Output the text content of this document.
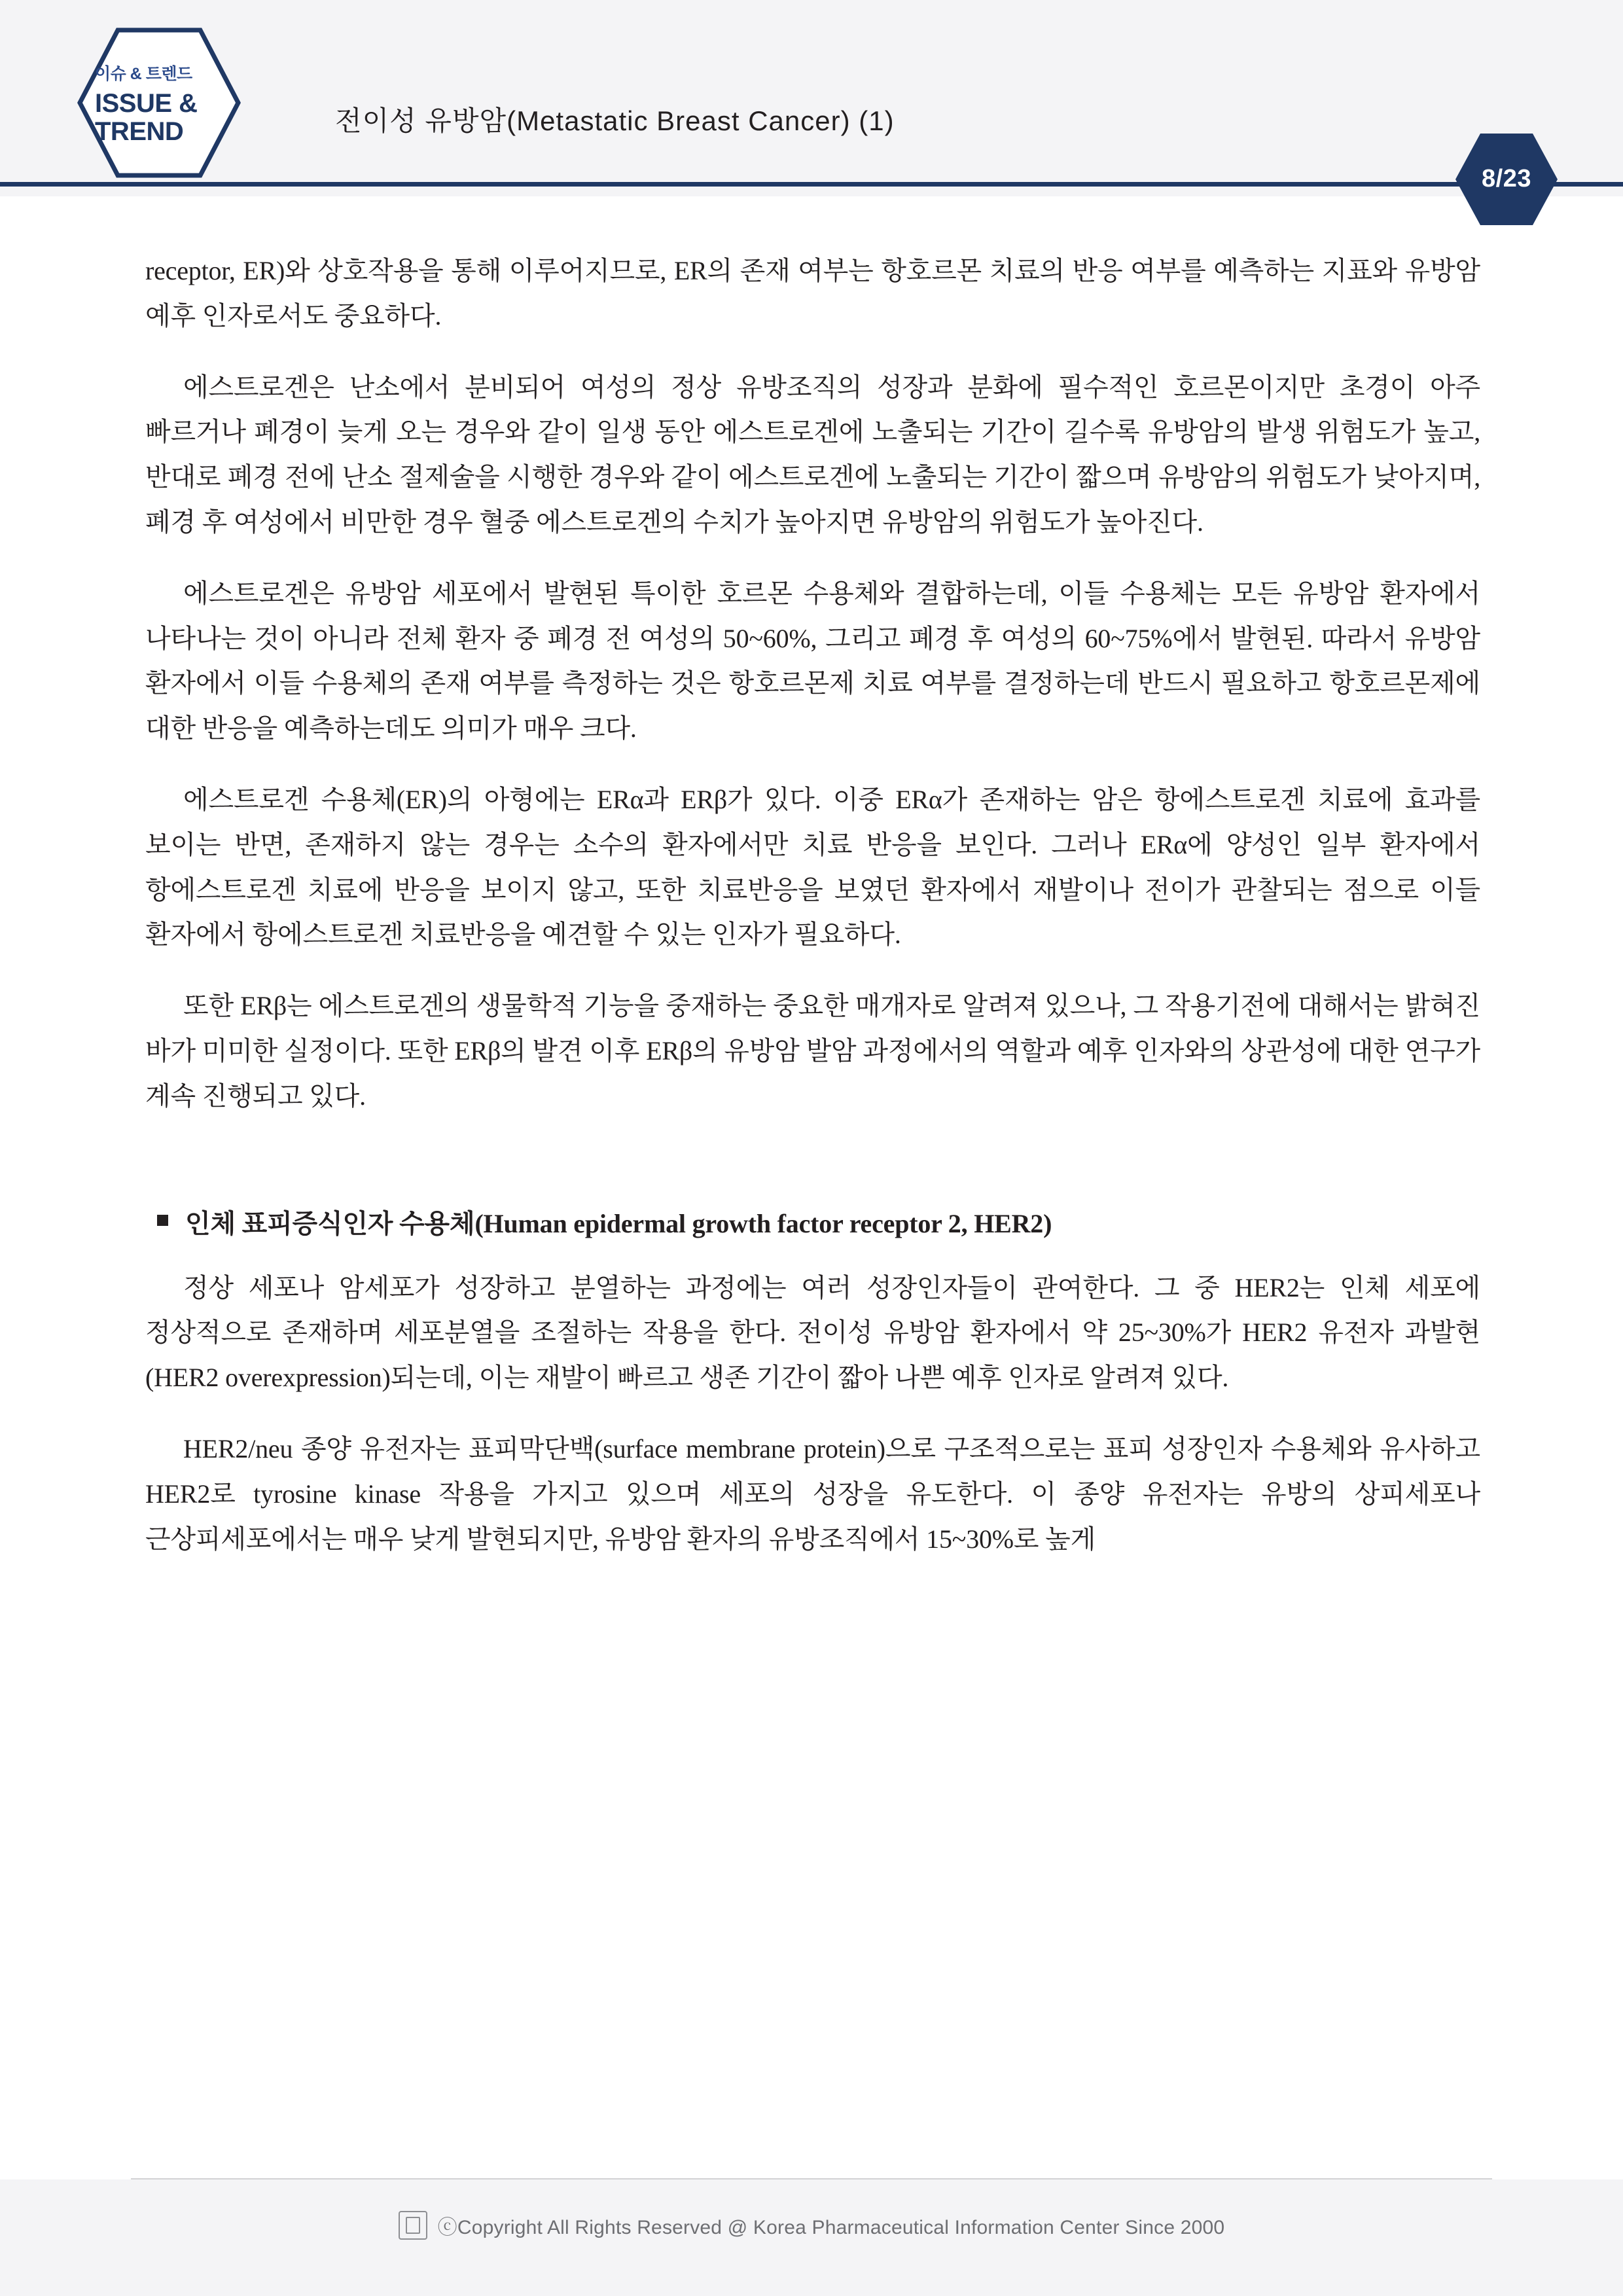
이슈 & 트렌드
ISSUE & TREND	전이성 유방암(Metastatic Breast Cancer) (1)
8/23

receptor, ER)와 상호작용을 통해 이루어지므로, ER의 존재 여부는 항호르몬 치료의 반응 여부를 예측하는 지표와 유방암 예후 인자로서도 중요하다.

에스트로겐은 난소에서 분비되어 여성의 정상 유방조직의 성장과 분화에 필수적인 호르몬이지만 초경이 아주 빠르거나 폐경이 늦게 오는 경우와 같이 일생 동안 에스트로겐에 노출되는 기간이 길수록 유방암의 발생 위험도가 높고, 반대로 폐경 전에 난소 절제술을 시행한 경우와 같이 에스트로겐에 노출되는 기간이 짧으며 유방암의 위험도가 낮아지며, 폐경 후 여성에서 비만한 경우 혈중 에스트로겐의 수치가 높아지면 유방암의 위험도가 높아진다.

에스트로겐은 유방암 세포에서 발현된 특이한 호르몬 수용체와 결합하는데, 이들 수용체는 모든 유방암 환자에서 나타나는 것이 아니라 전체 환자 중 폐경 전 여성의 50~60%, 그리고 폐경 후 여성의 60~75%에서 발현된. 따라서 유방암 환자에서 이들 수용체의 존재 여부를 측정하는 것은 항호르몬제 치료 여부를 결정하는데 반드시 필요하고 항호르몬제에 대한 반응을 예측하는데도 의미가 매우 크다.

에스트로겐 수용체(ER)의 아형에는 ERα과 ERβ가 있다. 이중 ERα가 존재하는 암은 항에스트로겐 치료에 효과를 보이는 반면, 존재하지 않는 경우는 소수의 환자에서만 치료 반응을 보인다. 그러나 ERα에 양성인 일부 환자에서 항에스트로겐 치료에 반응을 보이지 않고, 또한 치료반응을 보였던 환자에서 재발이나 전이가 관찰되는 점으로 이들 환자에서 항에스트로겐 치료반응을 예견할 수 있는 인자가 필요하다.

또한 ERβ는 에스트로겐의 생물학적 기능을 중재하는 중요한 매개자로 알려져 있으나, 그 작용기전에 대해서는 밝혀진 바가 미미한 실정이다. 또한 ERβ의 발견 이후 ERβ의 유방암 발암 과정에서의 역할과 예후 인자와의 상관성에 대한 연구가 계속 진행되고 있다.

인체 표피증식인자 수용체(Human epidermal growth factor receptor 2, HER2)

정상 세포나 암세포가 성장하고 분열하는 과정에는 여러 성장인자들이 관여한다. 그 중 HER2는 인체 세포에 정상적으로 존재하며 세포분열을 조절하는 작용을 한다. 전이성 유방암 환자에서 약 25~30%가 HER2 유전자 과발현(HER2 overexpression)되는데, 이는 재발이 빠르고 생존 기간이 짧아 나쁜 예후 인자로 알려져 있다.

HER2/neu 종양 유전자는 표피막단백(surface membrane protein)으로 구조적으로는 표피 성장인자 수용체와 유사하고 HER2로 tyrosine kinase 작용을 가지고 있으며 세포의 성장을 유도한다. 이 종양 유전자는 유방의 상피세포나 근상피세포에서는 매우 낮게 발현되지만, 유방암 환자의 유방조직에서 15~30%로 높게

ⓒCopyright All Rights Reserved @ Korea Pharmaceutical Information Center Since 2000
